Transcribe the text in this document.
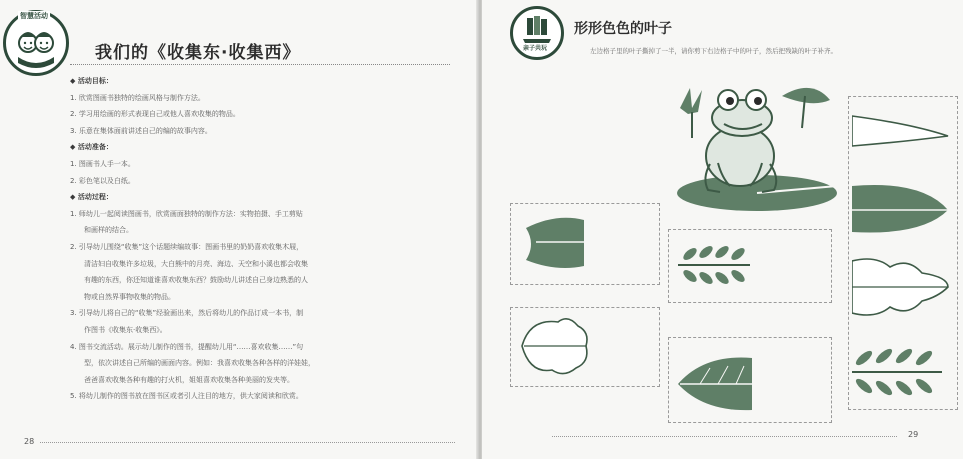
智慧活动
我们的《收集东·收集西》
◆ 活动目标：
1. 欣赏图画书独特的绘画风格与制作方法。
2. 学习用绘画的形式表现自己或他人喜欢收集的物品。
3. 乐意在集体面前讲述自己的编的故事内容。
◆ 活动准备：
1. 图画书人手一本。
2. 彩色笔以及白纸。
◆ 活动过程：
1. 师幼儿一起阅读图画书，欣赏画面独特的制作方法：实物拍摄、手工剪贴
和画样的结合。
2. 引导幼儿围绕“收集”这个话题续编故事：图画书里的奶奶喜欢收集木屐，
清洁妇自收集许多垃圾，大白熊中的月亮、海边、天空和小溪也都会收集
有趣的东西，你还知道谁喜欢收集东西？鼓励幼儿讲述自己身边熟悉的人
物或自然界事物收集的物品。
3. 引导幼儿将自己的“收集”经验画出来，然后将幼儿的作品订成一本书，制
作图书《收集东·收集西》。
4. 图书交流活动。展示幼儿制作的图书，提醒幼儿用“……喜欢收集……”句
型，依次讲述自己所编的画面内容。例如：我喜欢收集各种各样的洋娃娃，
爸爸喜欢收集各种有趣的打火机，姐姐喜欢收集各种美丽的发夹等。
5. 将幼儿制作的图书放在图书区或者引人注目的地方，供大家阅读和欣赏。
28
亲子共玩
形形色色的叶子
左边格子里的叶子撕掉了一半，请你剪下右边格子中的叶子，然后把残缺的叶子补齐。
29
